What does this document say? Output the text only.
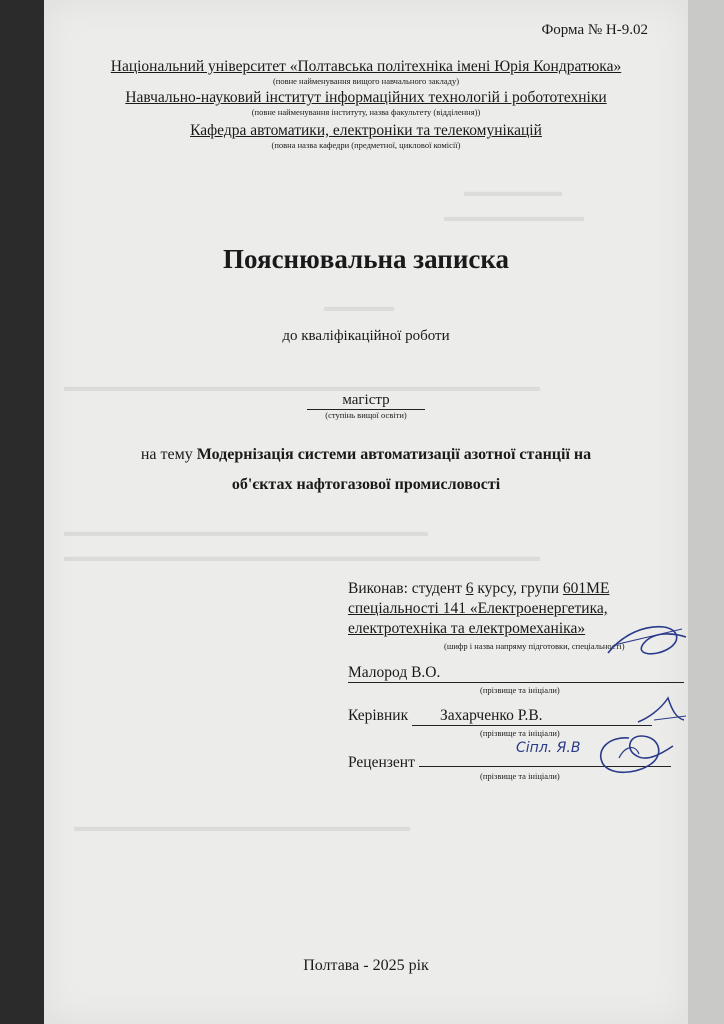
▬▬▬▬▬▬▬
▬▬▬▬▬▬▬▬▬▬
▬▬▬▬▬
▬▬▬▬▬▬▬▬▬▬▬▬▬▬▬▬▬▬▬▬▬▬▬▬▬▬▬▬▬▬▬▬▬▬
▬▬▬▬▬▬▬▬▬▬▬▬▬▬▬▬▬▬▬▬▬▬▬▬▬▬
▬▬▬▬▬▬▬▬▬▬▬▬▬▬▬▬▬▬▬▬▬▬▬▬▬▬▬▬▬▬▬▬▬▬
▬▬▬▬▬▬▬▬▬▬▬▬▬▬▬▬▬▬▬▬▬▬▬▬
Форма № Н-9.02
Національний університет «Полтавська політехніка імені Юрія Кондратюка»
(повне найменування вищого навчального закладу)
Навчально-науковий інститут інформаційних технологій і робототехніки
(повне найменування інституту, назва факультету (відділення))
Кафедра автоматики, електроніки та телекомунікацій
(повна назва кафедри (предметної, циклової комісії)
Пояснювальна записка
до кваліфікаційної роботи
магістр
(ступінь вищої освіти)
на тему Модернізація системи автоматизації азотної станції на
об'єктах нафтогазової промисловості
Виконав: студент 6 курсу, групи 601МЕ
спеціальності 141 «Електроенергетика,
електротехніка та електромеханіка»
(шифр і назва напряму підготовки, спеціальності)
Малород В.О.
(прізвище та ініціали)
Керівник Захарченко Р.В.
(прізвище та ініціали)
Рецензент
Сіпл. Я.В
(прізвище та ініціали)
Полтава - 2025 рік
